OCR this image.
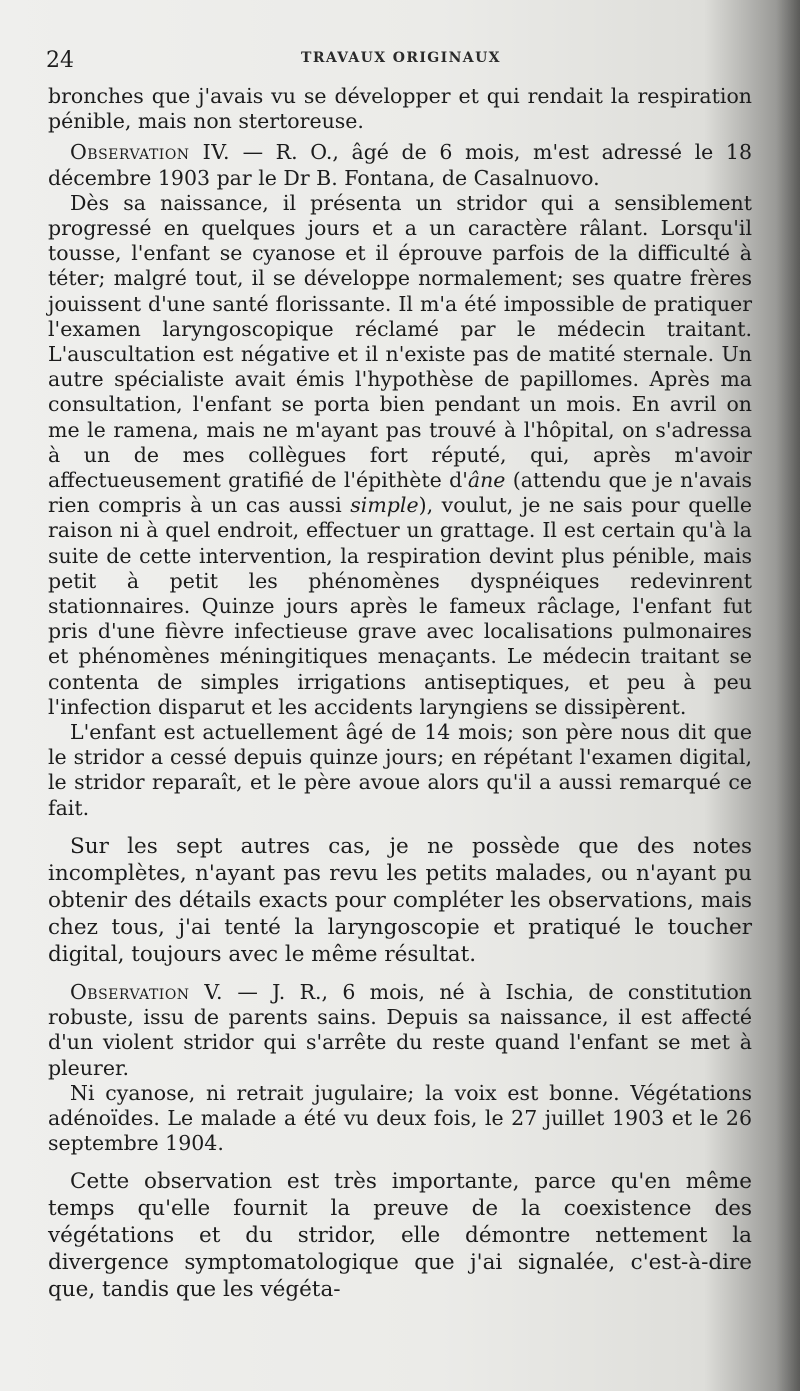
24	TRAVAUX ORIGINAUX

bronches que j'avais vu se développer et qui rendait la respiration pénible, mais non stertoreuse.

Observation IV. — R. O., âgé de 6 mois, m'est adressé le 18 décembre 1903 par le Dr B. Fontana, de Casalnuovo.

Dès sa naissance, il présenta un stridor qui a sensiblement progressé en quelques jours et a un caractère râlant. Lorsqu'il tousse, l'enfant se cyanose et il éprouve parfois de la difficulté à téter; malgré tout, il se développe normalement; ses quatre frères jouissent d'une santé florissante. Il m'a été impossible de pratiquer l'examen laryngoscopique réclamé par le médecin traitant. L'auscultation est négative et il n'existe pas de matité sternale. Un autre spécialiste avait émis l'hypothèse de papillomes. Après ma consultation, l'enfant se porta bien pendant un mois. En avril on me le ramena, mais ne m'ayant pas trouvé à l'hôpital, on s'adressa à un de mes collègues fort réputé, qui, après m'avoir affectueusement gratifié de l'épithète d'âne (attendu que je n'avais rien compris à un cas aussi simple), voulut, je ne sais pour quelle raison ni à quel endroit, effectuer un grattage. Il est certain qu'à la suite de cette intervention, la respiration devint plus pénible, mais petit à petit les phénomènes dyspnéiques redevinrent stationnaires. Quinze jours après le fameux râclage, l'enfant fut pris d'une fièvre infectieuse grave avec localisations pulmonaires et phénomènes méningitiques menaçants. Le médecin traitant se contenta de simples irrigations antiseptiques, et peu à peu l'infection disparut et les accidents laryngiens se dissipèrent.

L'enfant est actuellement âgé de 14 mois; son père nous dit que le stridor a cessé depuis quinze jours; en répétant l'examen digital, le stridor reparaît, et le père avoue alors qu'il a aussi remarqué ce fait.

Sur les sept autres cas, je ne possède que des notes incomplètes, n'ayant pas revu les petits malades, ou n'ayant pu obtenir des détails exacts pour compléter les observations, mais chez tous, j'ai tenté la laryngoscopie et pratiqué le toucher digital, toujours avec le même résultat.

Observation V. — J. R., 6 mois, né à Ischia, de constitution robuste, issu de parents sains. Depuis sa naissance, il est affecté d'un violent stridor qui s'arrête du reste quand l'enfant se met à pleurer.

Ni cyanose, ni retrait jugulaire; la voix est bonne. Végétations adénoïdes. Le malade a été vu deux fois, le 27 juillet 1903 et le 26 septembre 1904.

Cette observation est très importante, parce qu'en même temps qu'elle fournit la preuve de la coexistence des végétations et du stridor, elle démontre nettement la divergence symptomatologique que j'ai signalée, c'est-à-dire que, tandis que les végéta-
